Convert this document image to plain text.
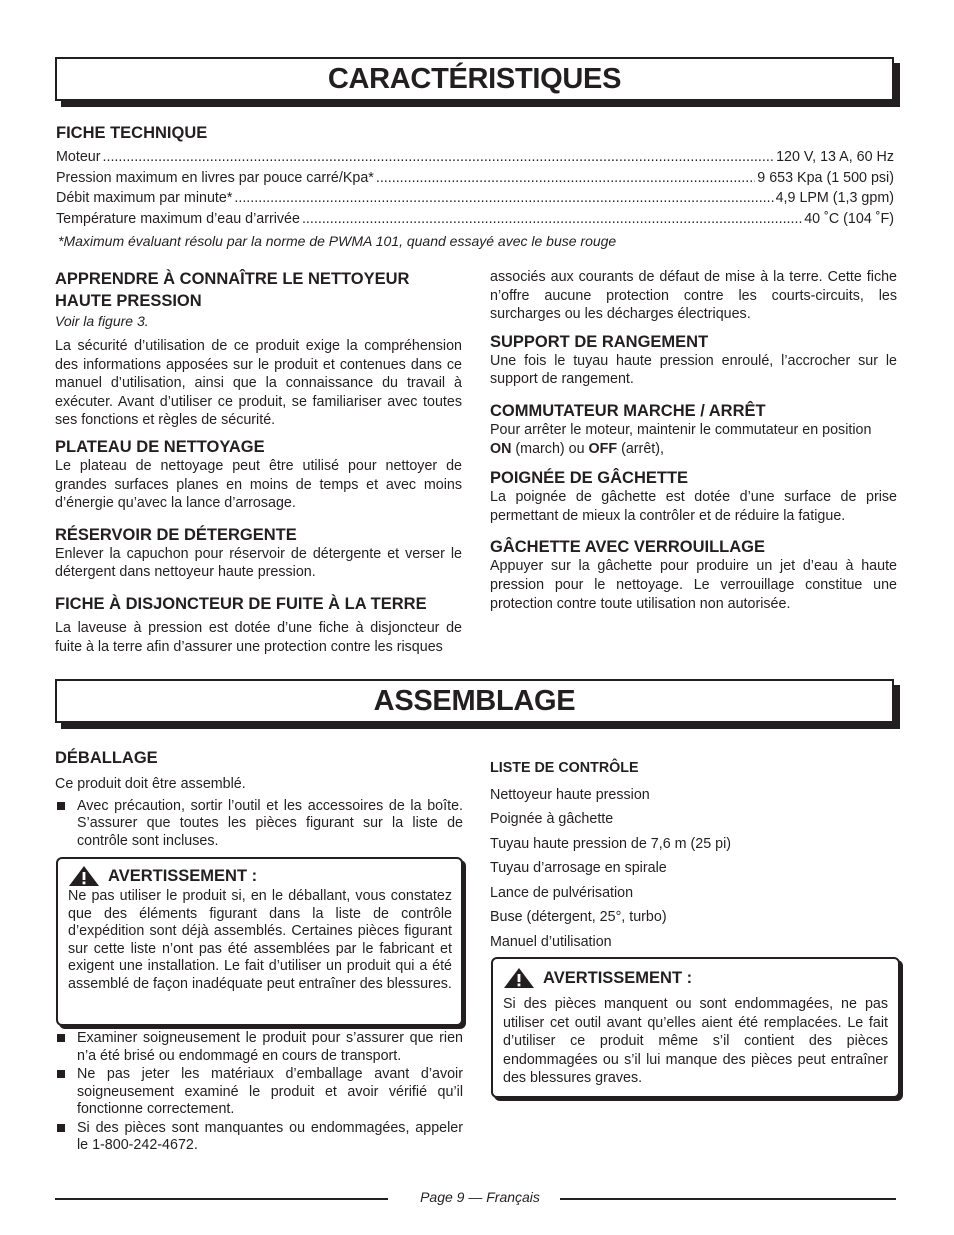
CARACTÉRISTIQUES
FICHE TECHNIQUE
Moteur .....	120 V, 13 A, 60 Hz
Pression maximum en livres par pouce carré/Kpa* .....	9 653 Kpa (1 500 psi)
Débit maximum par minute* .....	4,9 LPM (1,3 gpm)
Température maximum d’eau d’arrivée .....	40 ˚C (104 ˚F)
*Maximum évaluant résolu par la norme de PWMA 101, quand essayé avec le buse rouge
APPRENDRE À CONNAÎTRE LE NETTOYEUR
HAUTE PRESSION
Voir la figure 3.

La sécurité d’utilisation de ce produit exige la compréhension des informations apposées sur le produit et contenues dans ce manuel d’utilisation, ainsi que la connaissance du travail à exécuter. Avant d’utiliser ce produit, se familiariser avec toutes ses fonctions et règles de sécurité.

PLATEAU DE NETTOYAGE

Le plateau de nettoyage peut être utilisé pour nettoyer de grandes surfaces planes en moins de temps et avec moins d’énergie qu’avec la lance d’arrosage.

RÉSERVOIR DE DÉTERGENTE

Enlever la capuchon pour réservoir de détergente et verser le détergent dans nettoyeur haute pression.

FICHE À DISJONCTEUR DE FUITE À LA TERRE

La laveuse à pression est dotée d’une fiche à disjoncteur de fuite à la terre afin d’assurer une protection contre les risques

associés aux courants de défaut de mise à la terre. Cette fiche n’offre aucune protection contre les courts-circuits, les surcharges ou les décharges électriques.

SUPPORT DE RANGEMENT

Une fois le tuyau haute pression enroulé, l’accrocher sur le support de rangement.

COMMUTATEUR MARCHE / ARRÊT

Pour arrêter le moteur, maintenir le commutateur en position
ON (march) ou OFF (arrêt),

POIGNÉE DE GÂCHETTE

La poignée de gâchette est dotée d’une surface de prise permettant de mieux la contrôler et de réduire la fatigue.

GÂCHETTE AVEC VERROUILLAGE

Appuyer sur la gâchette pour produire un jet d’eau à haute pression pour le nettoyage. Le verrouillage constitue une protection contre toute utilisation non autorisée.

ASSEMBLAGE
DÉBALLAGE

Ce produit doit être assemblé.

Avec précaution, sortir l’outil et les accessoires de la boîte. S’assurer que toutes les pièces figurant sur la liste de contrôle sont incluses.
AVERTISSEMENT :

Ne pas utiliser le produit si, en le déballant, vous constatez que des éléments figurant dans la liste de contrôle d’expédition sont déjà assemblés. Certaines pièces figurant sur cette liste n’ont pas été assemblées par le fabricant et exigent une installation. Le fait d’utiliser un produit qui a été assemblé de façon inadéquate peut entraîner des blessures.

Examiner soigneusement le produit pour s’assurer que rien n’a été brisé ou endommagé en cours de transport.
Ne pas jeter les matériaux d’emballage avant d’avoir soigneusement examiné le produit et avoir vérifié qu’il fonctionne correctement.
Si des pièces sont manquantes ou endommagées, appeler le 1-800-242-4672.
LISTE DE CONTRÔLE
Nettoyeur haute pression
Poignée à gâchette
Tuyau haute pression de 7,6 m (25 pi)
Tuyau d’arrosage en spirale
Lance de pulvérisation
Buse (détergent, 25°, turbo)
Manuel d’utilisation
AVERTISSEMENT :

Si des pièces manquent ou sont endommagées, ne pas utiliser cet outil avant qu’elles aient été remplacées. Le fait d’utiliser ce produit même s’il contient des pièces endommagées ou s’il lui manque des pièces peut entraîner des blessures graves.

Page 9 — Français
